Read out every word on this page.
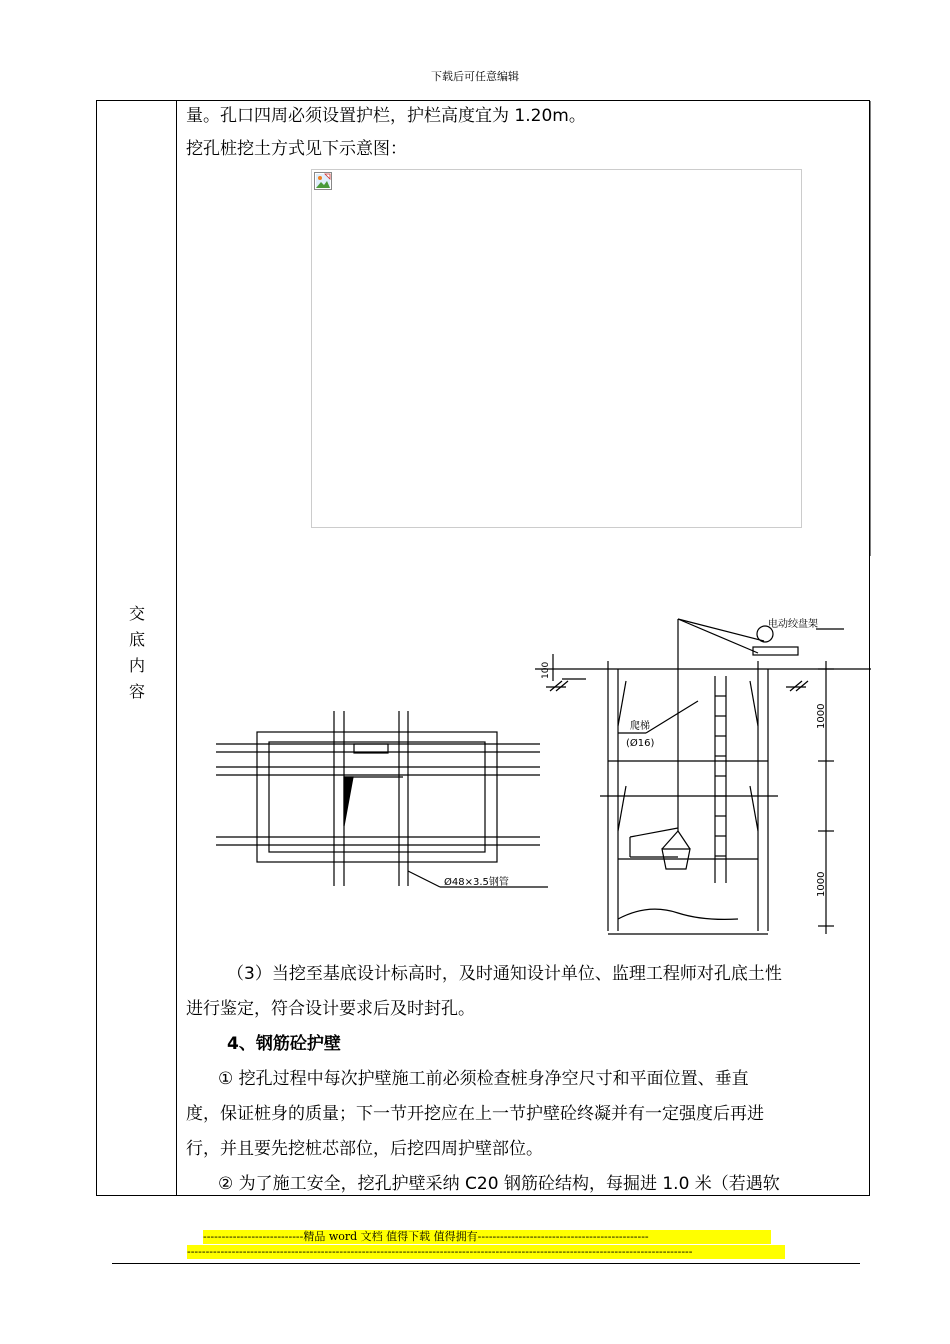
下载后可任意编辑
交
底
内
容
量。孔口四周必须设置护栏，护栏高度宜为 1.20m。
挖孔桩挖土方式见下示意图：
Ø48×3.5钢管
电动绞盘架
爬梯
(Ø16)
100
1000
1000
（3）当挖至基底设计标高时，及时通知设计单位、监理工程师对孔底土性
进行鉴定，符合设计要求后及时封孔。
4、钢筋砼护壁
① 挖孔过程中每次护壁施工前必须检查桩身净空尺寸和平面位置、垂直
度，保证桩身的质量；下一节开挖应在上一节护壁砼终凝并有一定强度后再进
行，并且要先挖桩芯部位，后挖四周护壁部位。
② 为了施工安全，挖孔护壁采纳 C20 钢筋砼结构，每掘进 1.0 米（若遇软
---------------------------精品 word 文档 值得下载 值得拥有----------------------------------------------
----------------------------------------------------------------------------------------------------------------------------------------
